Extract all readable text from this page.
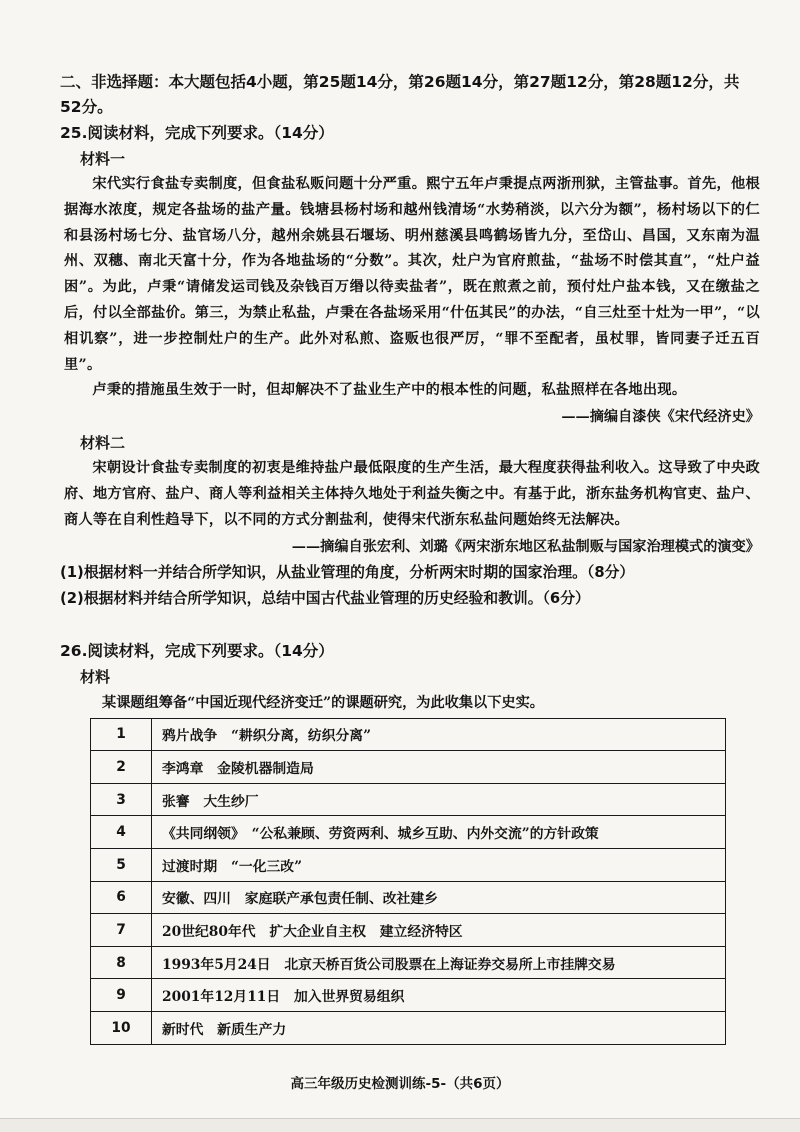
二、非选择题：本大题包括4小题，第25题14分，第26题14分，第27题12分，第28题12分，共
52分。
25.阅读材料，完成下列要求。（14分）
材料一

宋代实行食盐专卖制度，但食盐私贩问题十分严重。熙宁五年卢秉提点两浙刑狱，主管盐事。首先，他根据海水浓度，规定各盐场的盐产量。钱塘县杨村场和越州钱清场“水势稍淡，以六分为额”，杨村场以下的仁和县汤村场七分、盐官场八分，越州余姚县石堰场、明州慈溪县鸣鹤场皆九分，至岱山、昌国，又东南为温州、双穗、南北天富十分，作为各地盐场的“分数”。其次，灶户为官府煎盐，“盐场不时偿其直”，“灶户益困”。为此，卢秉“请储发运司钱及杂钱百万缗以待卖盐者”，既在煎煮之前，预付灶户盐本钱，又在缴盐之后，付以全部盐价。第三，为禁止私盐，卢秉在各盐场采用“什伍其民”的办法，“自三灶至十灶为一甲”，“以相讥察”，进一步控制灶户的生产。此外对私煎、盗贩也很严厉，“罪不至配者，虽杖罪，皆同妻子迁五百里”。

卢秉的措施虽生效于一时，但却解决不了盐业生产中的根本性的问题，私盐照样在各地出现。

——摘编自漆侠《宋代经济史》

材料二

宋朝设计食盐专卖制度的初衷是维持盐户最低限度的生产生活，最大程度获得盐利收入。这导致了中央政府、地方官府、盐户、商人等利益相关主体持久地处于利益失衡之中。有基于此，浙东盐务机构官吏、盐户、商人等在自利性趋导下，以不同的方式分割盐利，使得宋代浙东私盐问题始终无法解决。

——摘编自张宏利、刘璐《两宋浙东地区私盐制贩与国家治理模式的演变》

(1)根据材料一并结合所学知识，从盐业管理的角度，分析两宋时期的国家治理。（8分）
(2)根据材料并结合所学知识，总结中国古代盐业管理的历史经验和教训。（6分）
26.阅读材料，完成下列要求。（14分）
材料
某课题组筹备“中国近现代经济变迁”的课题研究，为此收集以下史实。
1	鸦片战争　“耕织分离，纺织分离”
2	李鸿章　金陵机器制造局
3	张謇　大生纱厂
4	《共同纲领》　“公私兼顾、劳资两利、城乡互助、内外交流”的方针政策
5	过渡时期　“一化三改”
6	安徽、四川　家庭联产承包责任制、改社建乡
7	20世纪80年代　扩大企业自主权　建立经济特区
8	1993年5月24日　北京天桥百货公司股票在上海证券交易所上市挂牌交易
9	2001年12月11日　加入世界贸易组织
10	新时代　新质生产力
高三年级历史检测训练-5-（共6页）
